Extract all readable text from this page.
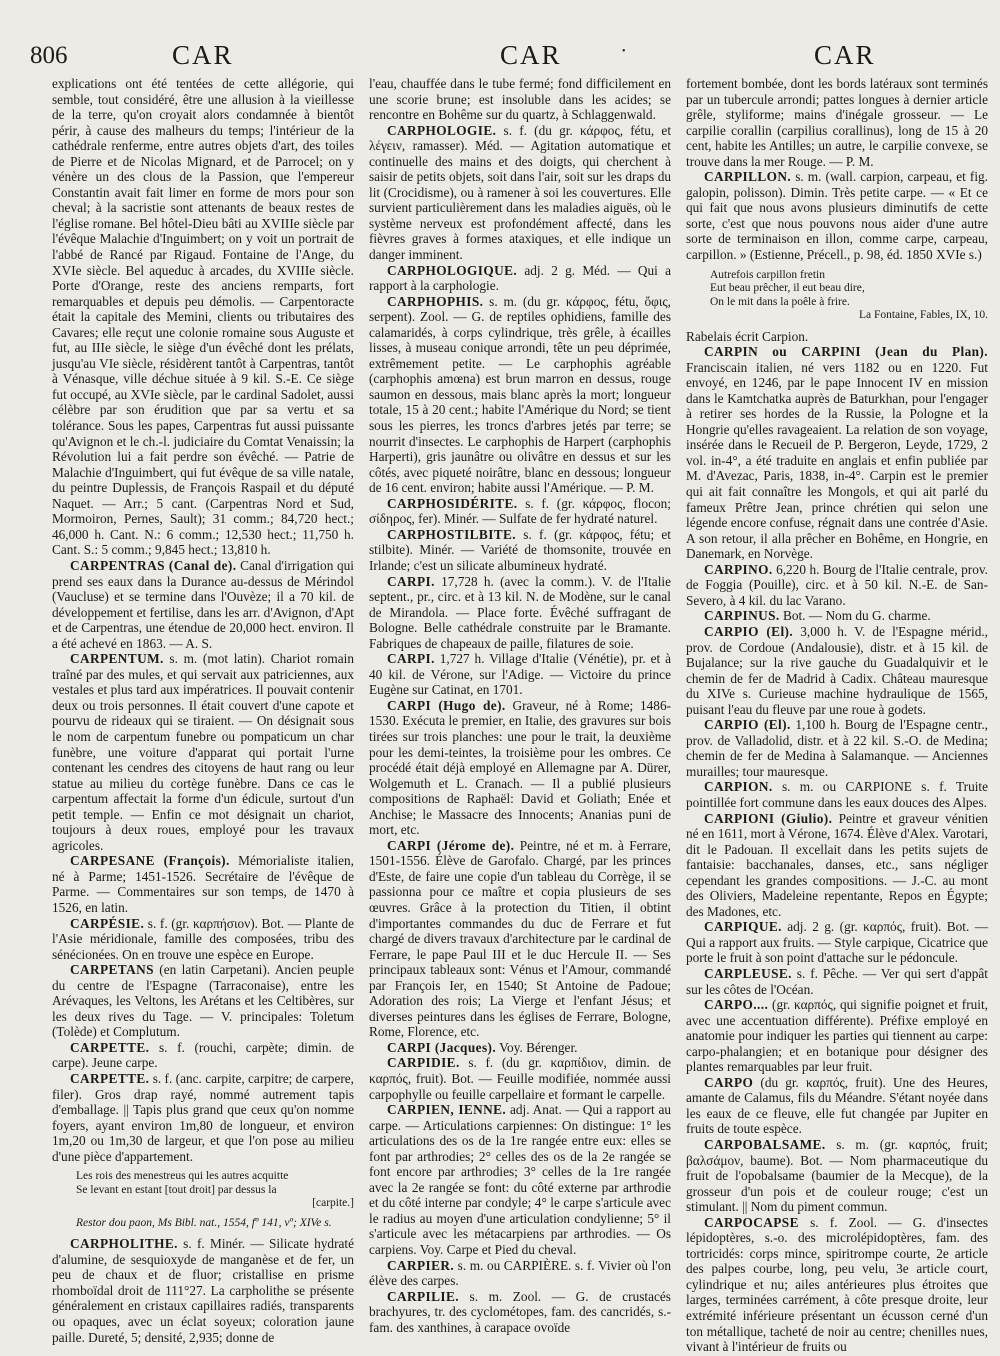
806	CAR	CAR	•	CAR

explications ont été tentées de cette allégorie, qui semble, tout considéré, être une allusion à la vieillesse de la terre, qu'on croyait alors condamnée à bientôt périr, à cause des malheurs du temps; l'intérieur de la cathédrale renferme, entre autres objets d'art, des toiles de Pierre et de Nicolas Mignard, et de Parrocel; on y vénère un des clous de la Passion, que l'empereur Constantin avait fait limer en forme de mors pour son cheval; à la sacristie sont attenants de beaux restes de l'église romane. Bel hôtel-Dieu bâti au XVIIIe siècle par l'évêque Malachie d'Inguimbert; on y voit un portrait de l'abbé de Rancé par Rigaud. Fontaine de l'Ange, du XVIe siècle. Bel aqueduc à arcades, du XVIIIe siècle. Porte d'Orange, reste des anciens remparts, fort remarquables et depuis peu démolis. — Carpentoracte était la capitale des Memini, clients ou tributaires des Cavares; elle reçut une colonie romaine sous Auguste et fut, au IIIe siècle, le siège d'un évêché dont les prélats, jusqu'au VIe siècle, résidèrent tantôt à Carpentras, tantôt à Vénasque, ville déchue située à 9 kil. S.-E. Ce siège fut occupé, au XVIe siècle, par le cardinal Sadolet, aussi célèbre par son érudition que par sa vertu et sa tolérance. Sous les papes, Carpentras fut aussi puissante qu'Avignon et le ch.-l. judiciaire du Comtat Venaissin; la Révolution lui a fait perdre son évêché. — Patrie de Malachie d'Inguimbert, qui fut évêque de sa ville natale, du peintre Duplessis, de François Raspail et du député Naquet. — Arr.; 5 cant. (Carpentras Nord et Sud, Mormoiron, Pernes, Sault); 31 comm.; 84,720 hect.; 46,000 h. Cant. N.: 6 comm.; 12,530 hect.; 11,750 h. Cant. S.: 5 comm.; 9,845 hect.; 13,810 h.

CARPENTRAS (Canal de). Canal d'irrigation qui prend ses eaux dans la Durance au-dessus de Mérindol (Vaucluse) et se termine dans l'Ouvèze; il a 70 kil. de développement et fertilise, dans les arr. d'Avignon, d'Apt et de Carpentras, une étendue de 20,000 hect. environ. Il a été achevé en 1863. — A. S.

CARPENTUM. s. m. (mot latin). Chariot romain traîné par des mules, et qui servait aux patriciennes, aux vestales et plus tard aux impératrices. Il pouvait contenir deux ou trois personnes. Il était couvert d'une capote et pourvu de rideaux qui se tiraient. — On désignait sous le nom de carpentum funebre ou pompaticum un char funèbre, une voiture d'apparat qui portait l'urne contenant les cendres des citoyens de haut rang ou leur statue au milieu du cortège funèbre. Dans ce cas le carpentum affectait la forme d'un édicule, surtout d'un petit temple. — Enfin ce mot désignait un chariot, toujours à deux roues, employé pour les travaux agricoles.

CARPESANE (François). Mémorialiste italien, né à Parme; 1451-1526. Secrétaire de l'évêque de Parme. — Commentaires sur son temps, de 1470 à 1526, en latin.

CARPÉSIE. s. f. (gr. καρπήσιον). Bot. — Plante de l'Asie méridionale, famille des composées, tribu des sénécionées. On en trouve une espèce en Europe.

CARPETANS (en latin Carpetani). Ancien peuple du centre de l'Espagne (Tarraconaise), entre les Arévaques, les Veltons, les Arétans et les Celtibères, sur les deux rives du Tage. — V. principales: Toletum (Tolède) et Complutum.

CARPETTE. s. f. (rouchi, carpète; dimin. de carpe). Jeune carpe.

CARPETTE. s. f. (anc. carpite, carpitre; de carpere, filer). Gros drap rayé, nommé autrement tapis d'emballage. || Tapis plus grand que ceux qu'on nomme foyers, ayant environ 1m,80 de longueur, et environ 1m,20 ou 1m,30 de largeur, et que l'on pose au milieu d'une pièce d'appartement.

Les rois des menestreus qui les autres acquitte
Se levant en estant [tout droit] par dessus la
[carpite.]
Restor dou paon, Ms Bibl. nat., 1554, fº 141, vº; XIVe s.

CARPHOLITHE. s. f. Minér. — Silicate hydraté d'alumine, de sesquioxyde de manganèse et de fer, un peu de chaux et de fluor; cristallise en prisme rhomboïdal droit de 111°27. La carpholithe se présente généralement en cristaux capillaires radiés, transparents ou opaques, avec un éclat soyeux; coloration jaune paille. Dureté, 5; densité, 2,935; donne de

l'eau, chauffée dans le tube fermé; fond difficilement en une scorie brune; est insoluble dans les acides; se rencontre en Bohême sur du quartz, à Schlaggenwald.

CARPHOLOGIE. s. f. (du gr. κάρφος, fétu, et λέγειν, ramasser). Méd. — Agitation automatique et continuelle des mains et des doigts, qui cherchent à saisir de petits objets, soit dans l'air, soit sur les draps du lit (Crocidisme), ou à ramener à soi les couvertures. Elle survient particulièrement dans les maladies aiguës, où le système nerveux est profondément affecté, dans les fièvres graves à formes ataxiques, et elle indique un danger imminent.

CARPHOLOGIQUE. adj. 2 g. Méd. — Qui a rapport à la carphologie.

CARPHOPHIS. s. m. (du gr. κάρφος, fétu, ὄφις, serpent). Zool. — G. de reptiles ophidiens, famille des calamaridés, à corps cylindrique, très grêle, à écailles lisses, à museau conique arrondi, tête un peu déprimée, extrêmement petite. — Le carphophis agréable (carphophis amœna) est brun marron en dessus, rouge saumon en dessous, mais blanc après la mort; longueur totale, 15 à 20 cent.; habite l'Amérique du Nord; se tient sous les pierres, les troncs d'arbres jetés par terre; se nourrit d'insectes. Le carphophis de Harpert (carphophis Harperti), gris jaunâtre ou olivâtre en dessus et sur les côtés, avec piqueté noirâtre, blanc en dessous; longueur de 16 cent. environ; habite aussi l'Amérique. — P. M.

CARPHOSIDÉRITE. s. f. (gr. κάρφος, flocon; σίδηρος, fer). Minér. — Sulfate de fer hydraté naturel.

CARPHOSTILBITE. s. f. (gr. κάρφος, fétu; et stilbite). Minér. — Variété de thomsonite, trouvée en Irlande; c'est un silicate albumineux hydraté.

CARPI. 17,728 h. (avec la comm.). V. de l'Italie septent., pr., circ. et à 13 kil. N. de Modène, sur le canal de Mirandola. — Place forte. Évêché suffragant de Bologne. Belle cathédrale construite par le Bramante. Fabriques de chapeaux de paille, filatures de soie.

CARPI. 1,727 h. Village d'Italie (Vénétie), pr. et à 40 kil. de Vérone, sur l'Adige. — Victoire du prince Eugène sur Catinat, en 1701.

CARPI (Hugo de). Graveur, né à Rome; 1486-1530. Exécuta le premier, en Italie, des gravures sur bois tirées sur trois planches: une pour le trait, la deuxième pour les demi-teintes, la troisième pour les ombres. Ce procédé était déjà employé en Allemagne par A. Dürer, Wolgemuth et L. Cranach. — Il a publié plusieurs compositions de Raphaël: David et Goliath; Enée et Anchise; le Massacre des Innocents; Ananias puni de mort, etc.

CARPI (Jérome de). Peintre, né et m. à Ferrare, 1501-1556. Élève de Garofalo. Chargé, par les princes d'Este, de faire une copie d'un tableau du Corrège, il se passionna pour ce maître et copia plusieurs de ses œuvres. Grâce à la protection du Titien, il obtint d'importantes commandes du duc de Ferrare et fut chargé de divers travaux d'architecture par le cardinal de Ferrare, le pape Paul III et le duc Hercule II. — Ses principaux tableaux sont: Vénus et l'Amour, commandé par François Ier, en 1540; St Antoine de Padoue; Adoration des rois; La Vierge et l'enfant Jésus; et diverses peintures dans les églises de Ferrare, Bologne, Rome, Florence, etc.

CARPI (Jacques). Voy. Bérenger.

CARPIDIE. s. f. (du gr. καρπίδιον, dimin. de καρπός, fruit). Bot. — Feuille modifiée, nommée aussi carpophylle ou feuille carpellaire et formant le carpelle.

CARPIEN, IENNE. adj. Anat. — Qui a rapport au carpe. — Articulations carpiennes: On distingue: 1° les articulations des os de la 1re rangée entre eux: elles se font par arthrodies; 2° celles des os de la 2e rangée se font encore par arthrodies; 3° celles de la 1re rangée avec la 2e rangée se font: du côté externe par arthrodie et du côté interne par condyle; 4° le carpe s'articule avec le radius au moyen d'une articulation condylienne; 5° il s'articule avec les métacarpiens par arthrodies. — Os carpiens. Voy. Carpe et Pied du cheval.

CARPIER. s. m. ou CARPIÈRE. s. f. Vivier où l'on élève des carpes.

CARPILIE. s. m. Zool. — G. de crustacés brachyures, tr. des cyclométopes, fam. des cancridés, s.-fam. des xanthines, à carapace ovoïde

fortement bombée, dont les bords latéraux sont terminés par un tubercule arrondi; pattes longues à dernier article grêle, styliforme; mains d'inégale grosseur. — Le carpilie corallin (carpilius corallinus), long de 15 à 20 cent, habite les Antilles; un autre, le carpilie convexe, se trouve dans la mer Rouge. — P. M.

CARPILLON. s. m. (wall. carpion, carpeau, et fig. galopin, polisson). Dimin. Très petite carpe. — « Et ce qui fait que nous avons plusieurs diminutifs de cette sorte, c'est que nous pouvons nous aider d'une autre sorte de terminaison en illon, comme carpe, carpeau, carpillon. » (Estienne, Précell., p. 98, éd. 1850 XVIe s.)

Autrefois carpillon fretin
Eut beau prêcher, il eut beau dire,
On le mit dans la poêle à frire.
La Fontaine, Fables, IX, 10.

Rabelais écrit Carpion.

CARPIN ou CARPINI (Jean du Plan). Franciscain italien, né vers 1182 ou en 1220. Fut envoyé, en 1246, par le pape Innocent IV en mission dans le Kamtchatka auprès de Baturkhan, pour l'engager à retirer ses hordes de la Russie, la Pologne et la Hongrie qu'elles ravageaient. La relation de son voyage, insérée dans le Recueil de P. Bergeron, Leyde, 1729, 2 vol. in-4°, a été traduite en anglais et enfin publiée par M. d'Avezac, Paris, 1838, in-4°. Carpin est le premier qui ait fait connaître les Mongols, et qui ait parlé du fameux Prêtre Jean, prince chrétien qui selon une légende encore confuse, régnait dans une contrée d'Asie. A son retour, il alla prêcher en Bohême, en Hongrie, en Danemark, en Norvège.

CARPINO. 6,220 h. Bourg de l'Italie centrale, prov. de Foggia (Pouille), circ. et à 50 kil. N.-E. de San-Severo, à 4 kil. du lac Varano.

CARPINUS. Bot. — Nom du G. charme.

CARPIO (El). 3,000 h. V. de l'Espagne mérid., prov. de Cordoue (Andalousie), distr. et à 15 kil. de Bujalance; sur la rive gauche du Guadalquivir et le chemin de fer de Madrid à Cadix. Château mauresque du XIVe s. Curieuse machine hydraulique de 1565, puisant l'eau du fleuve par une roue à godets.

CARPIO (El). 1,100 h. Bourg de l'Espagne centr., prov. de Valladolid, distr. et à 22 kil. S.-O. de Medina; chemin de fer de Medina à Salamanque. — Anciennes murailles; tour mauresque.

CARPION. s. m. ou CARPIONE s. f. Truite pointillée fort commune dans les eaux douces des Alpes.

CARPIONI (Giulio). Peintre et graveur vénitien né en 1611, mort à Vérone, 1674. Élève d'Alex. Varotari, dit le Padouan. Il excellait dans les petits sujets de fantaisie: bacchanales, danses, etc., sans négliger cependant les grandes compositions. — J.-C. au mont des Oliviers, Madeleine repentante, Repos en Égypte; des Madones, etc.

CARPIQUE. adj. 2 g. (gr. καρπός, fruit). Bot. —Qui a rapport aux fruits. — Style carpique, Cicatrice que porte le fruit à son point d'attache sur le pédoncule.

CARPLEUSE. s. f. Pêche. — Ver qui sert d'appât sur les côtes de l'Océan.

CARPO.... (gr. καρπός, qui signifie poignet et fruit, avec une accentuation différente). Préfixe employé en anatomie pour indiquer les parties qui tiennent au carpe: carpo-phalangien; et en botanique pour désigner des plantes remarquables par leur fruit.

CARPO (du gr. καρπός, fruit). Une des Heures, amante de Calamus, fils du Méandre. S'étant noyée dans les eaux de ce fleuve, elle fut changée par Jupiter en fruits de toute espèce.

CARPOBALSAME. s. m. (gr. καρπός, fruit; βαλσάμον, baume). Bot. — Nom pharmaceutique du fruit de l'opobalsame (baumier de la Mecque), de la grosseur d'un pois et de couleur rouge; c'est un stimulant. || Nom du piment commun.

CARPOCAPSE s. f. Zool. — G. d'insectes lépidoptères, s.-o. des microlépidoptères, fam. des tortricidés: corps mince, spiritrompe courte, 2e article des palpes courbe, long, peu velu, 3e article court, cylindrique et nu; ailes antérieures plus étroites que larges, terminées carrément, à côte presque droite, leur extrémité inférieure présentant un écusson cerné d'un ton métallique, tacheté de noir au centre; chenilles nues, vivant à l'intérieur de fruits ou
